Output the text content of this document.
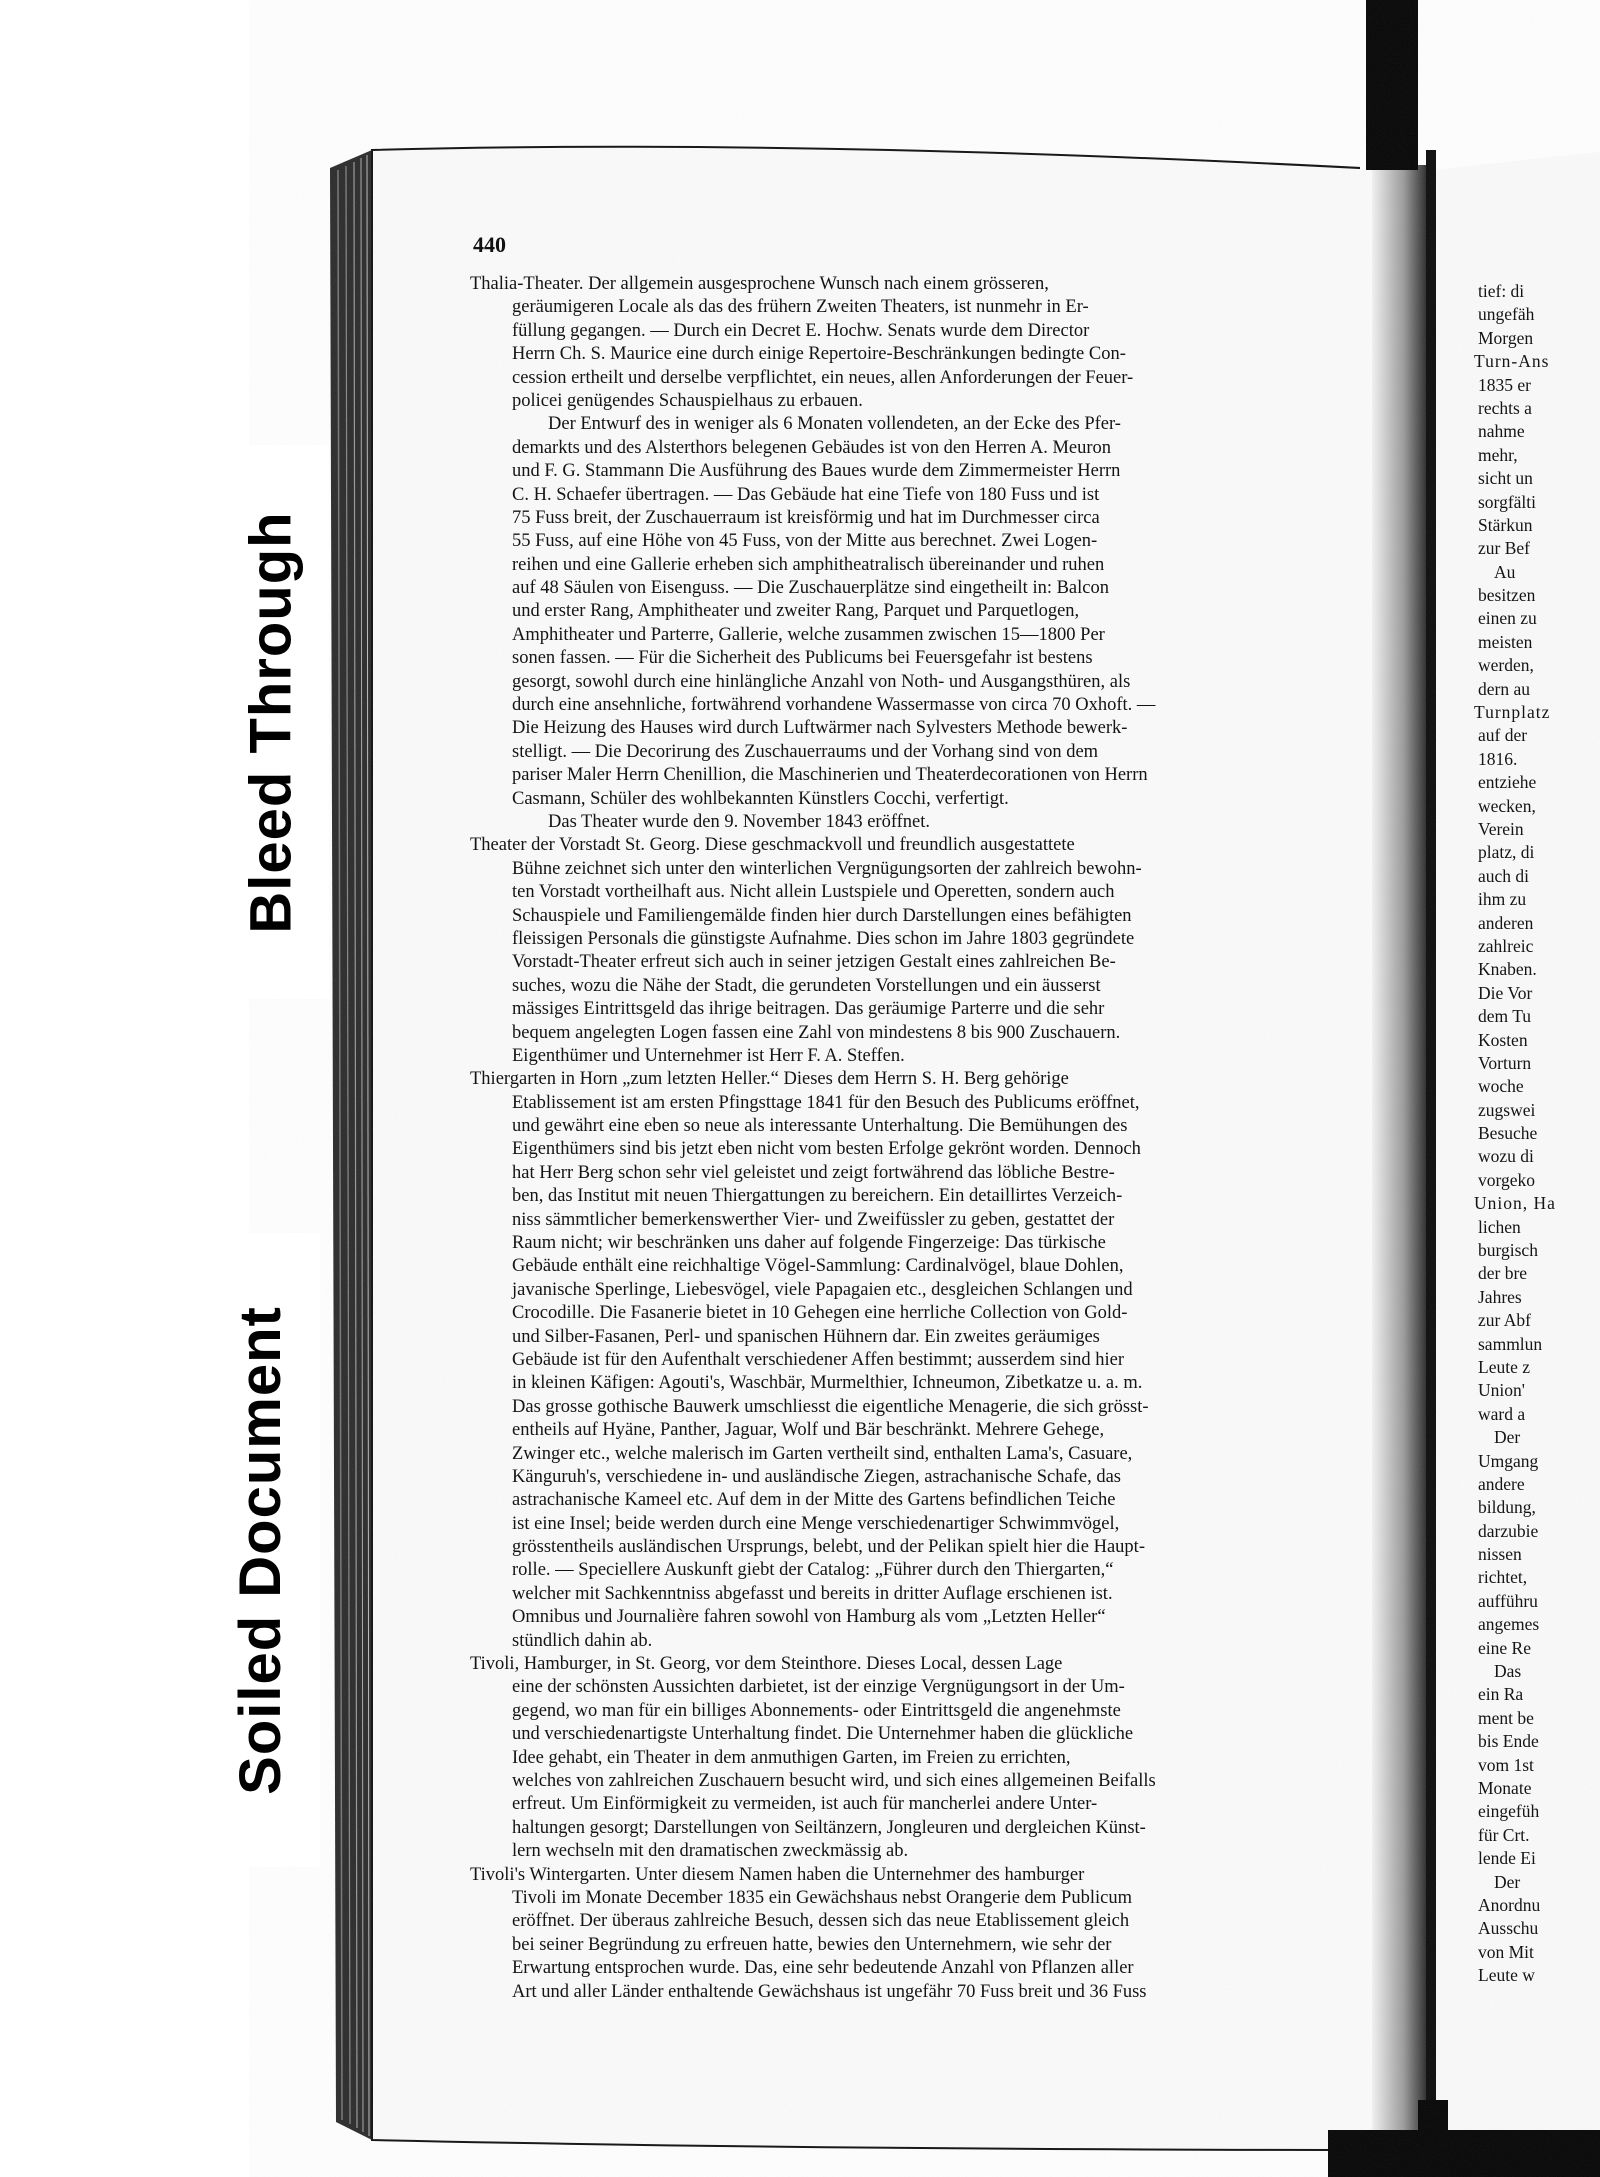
Bleed Through
Soiled Document
440
Thalia-Theater. Der allgemein ausgesprochene Wunsch nach einem grösseren,
geräumigeren Locale als das des frühern Zweiten Theaters, ist nunmehr in Er-
füllung gegangen. — Durch ein Decret E. Hochw. Senats wurde dem Director
Herrn Ch. S. Maurice eine durch einige Repertoire-Beschränkungen bedingte Con-
cession ertheilt und derselbe verpflichtet, ein neues, allen Anforderungen der Feuer-
policei genügendes Schauspielhaus zu erbauen.
Der Entwurf des in weniger als 6 Monaten vollendeten, an der Ecke des Pfer-
demarkts und des Alsterthors belegenen Gebäudes ist von den Herren A. Meuron
und F. G. Stammann Die Ausführung des Baues wurde dem Zimmermeister Herrn
C. H. Schaefer übertragen. — Das Gebäude hat eine Tiefe von 180 Fuss und ist
75 Fuss breit, der Zuschauerraum ist kreisförmig und hat im Durchmesser circa
55 Fuss, auf eine Höhe von 45 Fuss, von der Mitte aus berechnet. Zwei Logen-
reihen und eine Gallerie erheben sich amphitheatralisch übereinander und ruhen
auf 48 Säulen von Eisenguss. — Die Zuschauerplätze sind eingetheilt in: Balcon
und erster Rang, Amphitheater und zweiter Rang, Parquet und Parquetlogen,
Amphitheater und Parterre, Gallerie, welche zusammen zwischen 15—1800 Per
sonen fassen. — Für die Sicherheit des Publicums bei Feuersgefahr ist bestens
gesorgt, sowohl durch eine hinlängliche Anzahl von Noth- und Ausgangsthüren, als
durch eine ansehnliche, fortwährend vorhandene Wassermasse von circa 70 Oxhoft. —
Die Heizung des Hauses wird durch Luftwärmer nach Sylvesters Methode bewerk-
stelligt. — Die Decorirung des Zuschauerraums und der Vorhang sind von dem
pariser Maler Herrn Chenillion, die Maschinerien und Theaterdecorationen von Herrn
Casmann, Schüler des wohlbekannten Künstlers Cocchi, verfertigt.
Das Theater wurde den 9. November 1843 eröffnet.
Theater der Vorstadt St. Georg. Diese geschmackvoll und freundlich ausgestattete
Bühne zeichnet sich unter den winterlichen Vergnügungsorten der zahlreich bewohn-
ten Vorstadt vortheilhaft aus. Nicht allein Lustspiele und Operetten, sondern auch
Schauspiele und Familiengemälde finden hier durch Darstellungen eines befähigten
fleissigen Personals die günstigste Aufnahme. Dies schon im Jahre 1803 gegründete
Vorstadt-Theater erfreut sich auch in seiner jetzigen Gestalt eines zahlreichen Be-
suches, wozu die Nähe der Stadt, die gerundeten Vorstellungen und ein äusserst
mässiges Eintrittsgeld das ihrige beitragen. Das geräumige Parterre und die sehr
bequem angelegten Logen fassen eine Zahl von mindestens 8 bis 900 Zuschauern.
Eigenthümer und Unternehmer ist Herr F. A. Steffen.
Thiergarten in Horn „zum letzten Heller.“ Dieses dem Herrn S. H. Berg gehörige
Etablissement ist am ersten Pfingsttage 1841 für den Besuch des Publicums eröffnet,
und gewährt eine eben so neue als interessante Unterhaltung. Die Bemühungen des
Eigenthümers sind bis jetzt eben nicht vom besten Erfolge gekrönt worden. Dennoch
hat Herr Berg schon sehr viel geleistet und zeigt fortwährend das löbliche Bestre-
ben, das Institut mit neuen Thiergattungen zu bereichern. Ein detaillirtes Verzeich-
niss sämmtlicher bemerkenswerther Vier- und Zweifüssler zu geben, gestattet der
Raum nicht; wir beschränken uns daher auf folgende Fingerzeige: Das türkische
Gebäude enthält eine reichhaltige Vögel-Sammlung: Cardinalvögel, blaue Dohlen,
javanische Sperlinge, Liebesvögel, viele Papagaien etc., desgleichen Schlangen und
Crocodille. Die Fasanerie bietet in 10 Gehegen eine herrliche Collection von Gold-
und Silber-Fasanen, Perl- und spanischen Hühnern dar. Ein zweites geräumiges
Gebäude ist für den Aufenthalt verschiedener Affen bestimmt; ausserdem sind hier
in kleinen Käfigen: Agouti's, Waschbär, Murmelthier, Ichneumon, Zibetkatze u. a. m.
Das grosse gothische Bauwerk umschliesst die eigentliche Menagerie, die sich grösst-
entheils auf Hyäne, Panther, Jaguar, Wolf und Bär beschränkt. Mehrere Gehege,
Zwinger etc., welche malerisch im Garten vertheilt sind, enthalten Lama's, Casuare,
Känguruh's, verschiedene in- und ausländische Ziegen, astrachanische Schafe, das
astrachanische Kameel etc. Auf dem in der Mitte des Gartens befindlichen Teiche
ist eine Insel; beide werden durch eine Menge verschiedenartiger Schwimmvögel,
grösstentheils ausländischen Ursprungs, belebt, und der Pelikan spielt hier die Haupt-
rolle. — Speciellere Auskunft giebt der Catalog: „Führer durch den Thiergarten,“
welcher mit Sachkenntniss abgefasst und bereits in dritter Auflage erschienen ist.
Omnibus und Journalière fahren sowohl von Hamburg als vom „Letzten Heller“
stündlich dahin ab.
Tivoli, Hamburger, in St. Georg, vor dem Steinthore. Dieses Local, dessen Lage
eine der schönsten Aussichten darbietet, ist der einzige Vergnügungsort in der Um-
gegend, wo man für ein billiges Abonnements- oder Eintrittsgeld die angenehmste
und verschiedenartigste Unterhaltung findet. Die Unternehmer haben die glückliche
Idee gehabt, ein Theater in dem anmuthigen Garten, im Freien zu errichten,
welches von zahlreichen Zuschauern besucht wird, und sich eines allgemeinen Beifalls
erfreut. Um Einförmigkeit zu vermeiden, ist auch für mancherlei andere Unter-
haltungen gesorgt; Darstellungen von Seiltänzern, Jongleuren und dergleichen Künst-
lern wechseln mit den dramatischen zweckmässig ab.
Tivoli's Wintergarten. Unter diesem Namen haben die Unternehmer des hamburger
Tivoli im Monate December 1835 ein Gewächshaus nebst Orangerie dem Publicum
eröffnet. Der überaus zahlreiche Besuch, dessen sich das neue Etablissement gleich
bei seiner Begründung zu erfreuen hatte, bewies den Unternehmern, wie sehr der
Erwartung entsprochen wurde. Das, eine sehr bedeutende Anzahl von Pflanzen aller
Art und aller Länder enthaltende Gewächshaus ist ungefähr 70 Fuss breit und 36 Fuss
tief: di
ungefäh
Morgen
Turn-Ans
1835 er
rechts a
nahme
mehr,
sicht un
sorgfälti
Stärkun
zur Bef
Au
besitzen
einen zu
meisten
werden,
dern au
Turnplatz
auf der
1816.
entziehe
wecken,
Verein
platz, di
auch di
ihm zu
anderen
zahlreic
Knaben.
Die Vor
dem Tu
Kosten
Vorturn
woche
zugswei
Besuche
wozu di
vorgeko
Union, Ha
lichen
burgisch
der bre
Jahres
zur Abf
sammlun
Leute z
Union'
ward a
Der
Umgang
andere
bildung,
darzubie
nissen
richtet,
aufführu
angemes
eine Re
Das
ein Ra
ment be
bis Ende
vom 1st
Monate
eingefüh
für Crt.
lende Ei
Der
Anordnu
Ausschu
von Mit
Leute w
